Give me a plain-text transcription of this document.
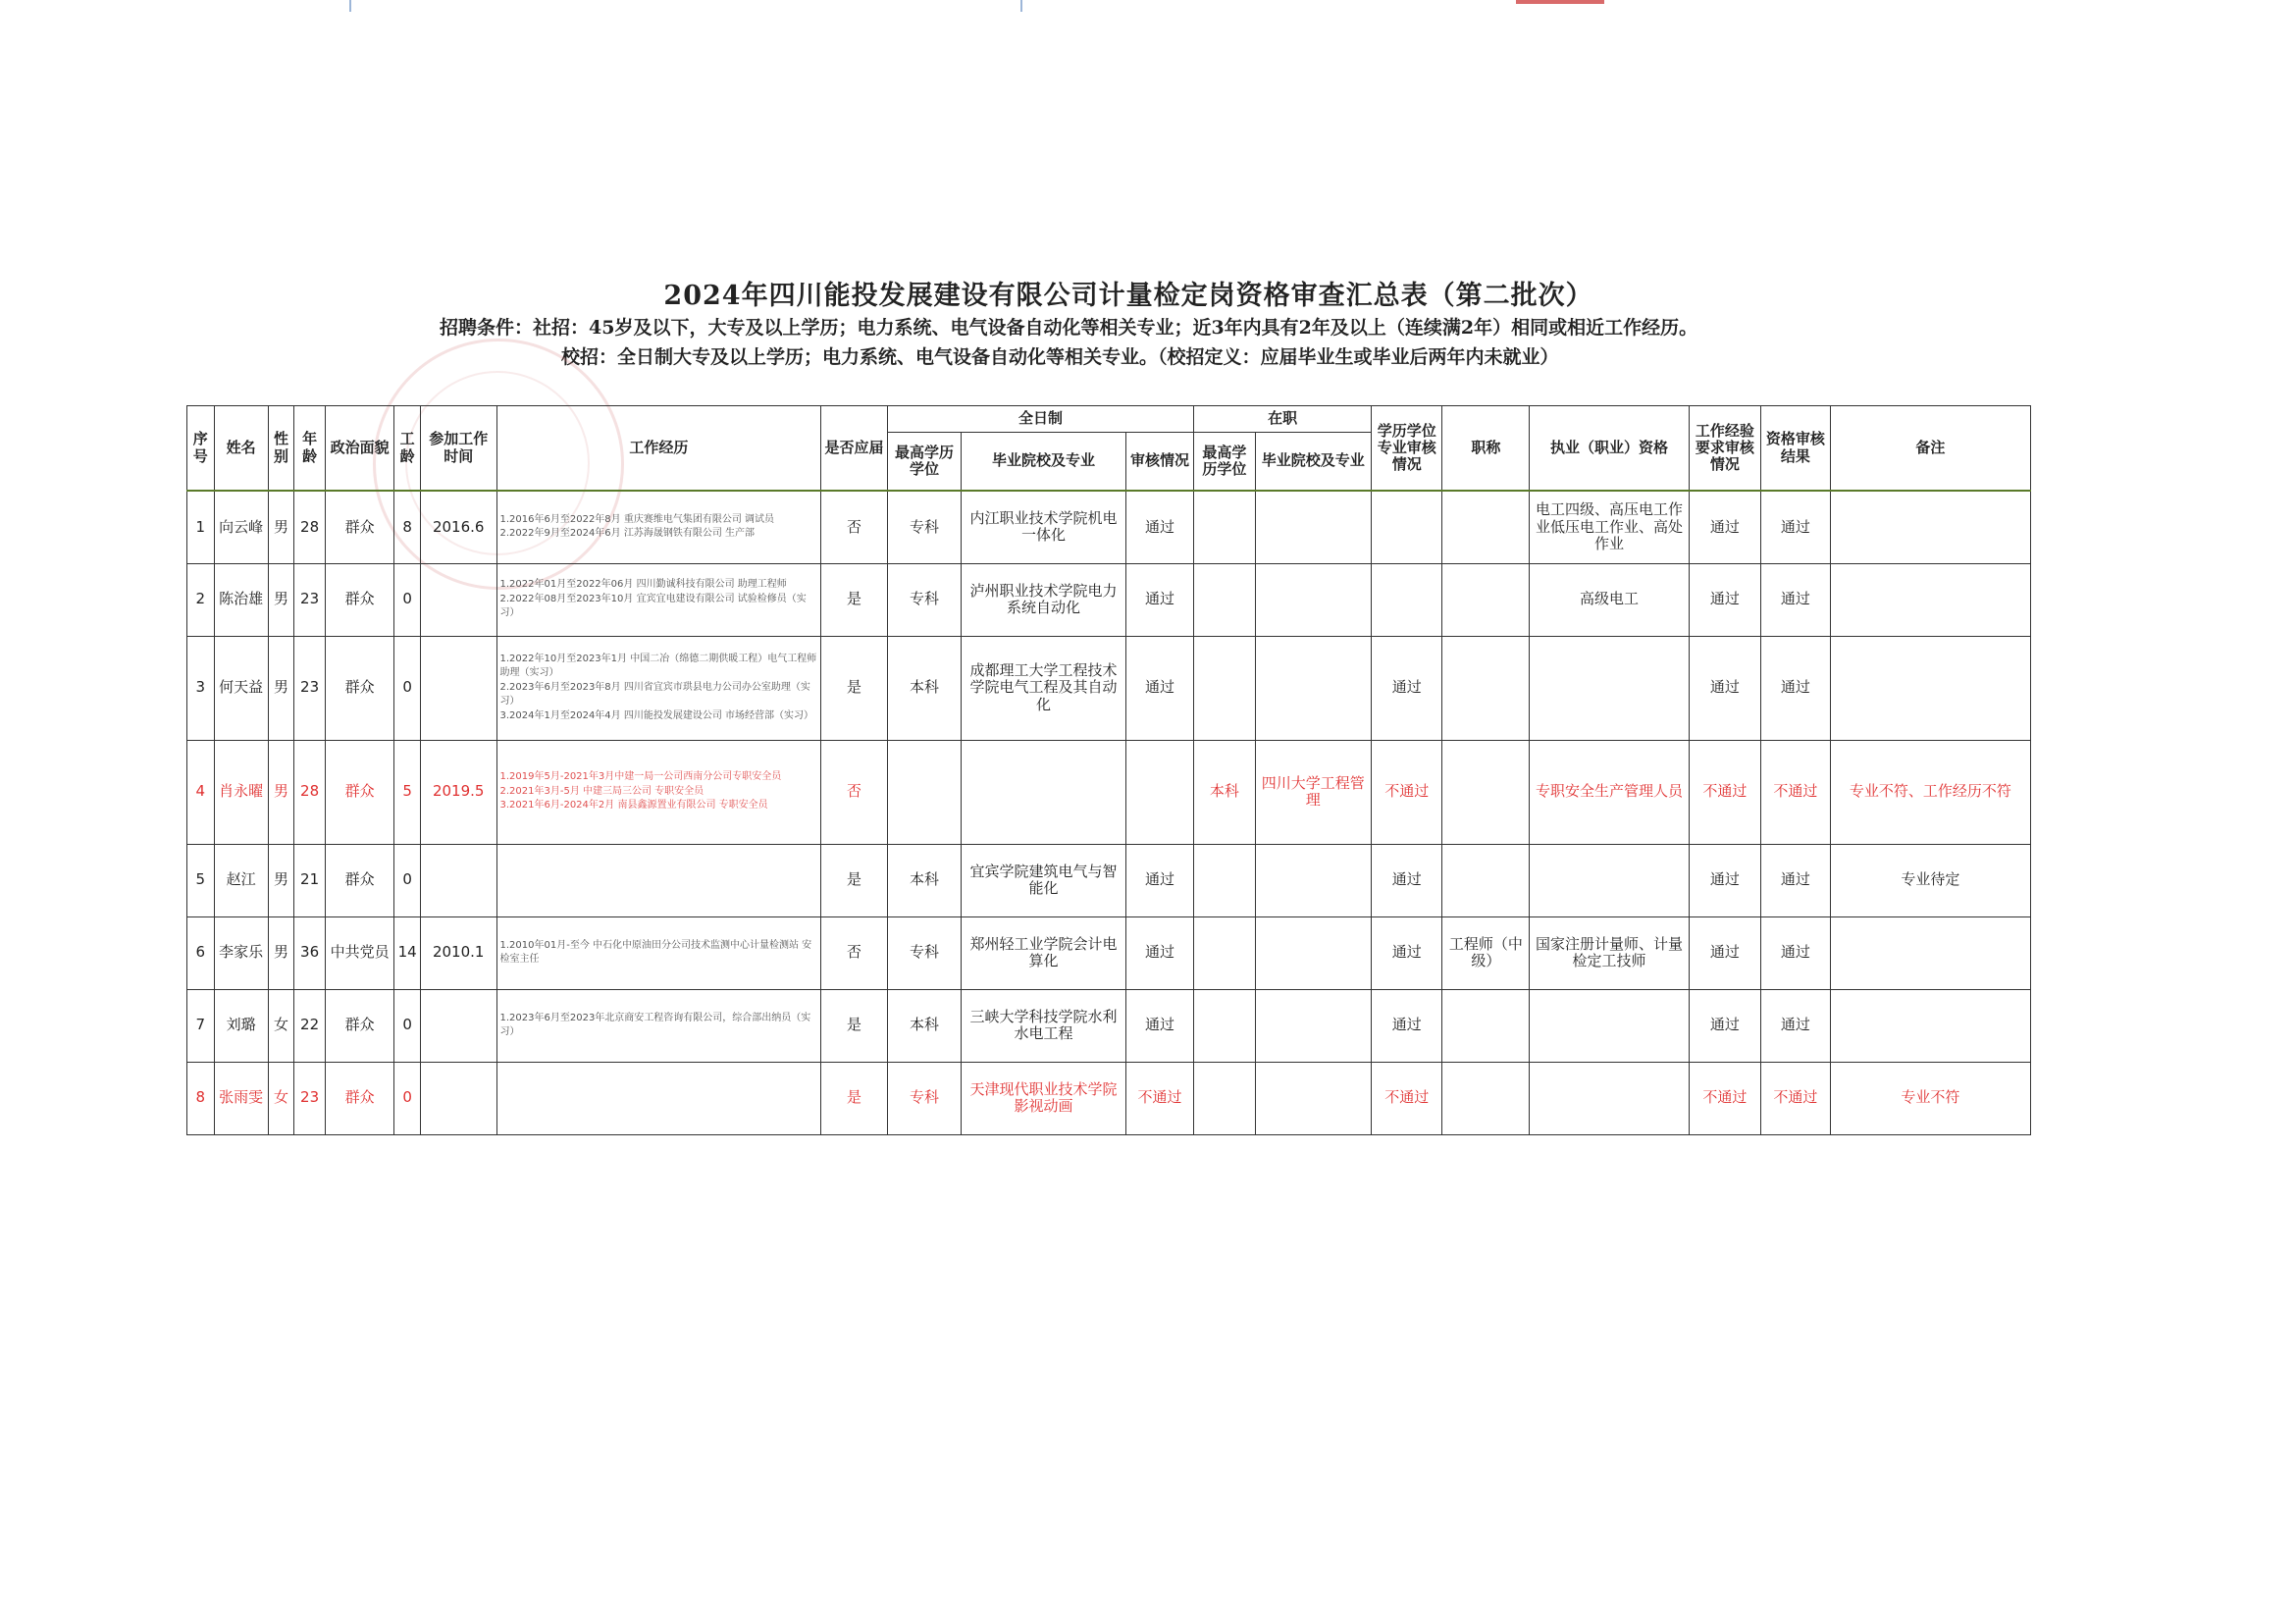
2024年四川能投发展建设有限公司计量检定岗资格审查汇总表（第二批次）
招聘条件：社招：45岁及以下，大专及以上学历；电力系统、电气设备自动化等相关专业；近3年内具有2年及以上（连续满2年）相同或相近工作经历。
校招：全日制大专及以上学历；电力系统、电气设备自动化等相关专业。（校招定义：应届毕业生或毕业后两年内未就业）
序号	姓名	性别	年龄	政治面貌	工龄	参加工作时间	工作经历	是否应届	全日制			在职		学历学位专业审核情况	职称	执业（职业）资格	工作经验要求审核情况	资格审核结果	备注
									最高学历学位	毕业院校及专业	审核情况	最高学历学位	毕业院校及专业						
1	向云峰	男	28	群众	8	2016.6	1.2016年6月至2022年8月 重庆赛维电气集团有限公司 调试员
2.2022年9月至2024年6月 江苏海晟钢铁有限公司 生产部	否	专科	内江职业技术学院机电一体化	通过					电工四级、高压电工作业低压电工作业、高处作业	通过	通过	
2	陈治雄	男	23	群众	0		1.2022年01月至2022年06月 四川勤诚科技有限公司 助理工程师
2.2022年08月至2023年10月 宜宾宜电建设有限公司 试验检修员（实习）	是	专科	泸州职业技术学院电力系统自动化	通过					高级电工	通过	通过	
3	何天益	男	23	群众	0		1.2022年10月至2023年1月 中国二冶（绵德二期供暖工程）电气工程师助理（实习）
2.2023年6月至2023年8月 四川省宜宾市珙县电力公司办公室助理（实习）
3.2024年1月至2024年4月 四川能投发展建设公司 市场经营部（实习）	是	本科	成都理工大学工程技术学院电气工程及其自动化	通过			通过			通过	通过	
4	肖永曜	男	28	群众	5	2019.5	1.2019年5月-2021年3月中建一局一公司西南分公司专职安全员
2.2021年3月-5月 中建三局三公司 专职安全员
3.2021年6月-2024年2月 南县鑫源置业有限公司 专职安全员	否				本科	四川大学工程管理	不通过		专职安全生产管理人员	不通过	不通过	专业不符、工作经历不符
5	赵江	男	21	群众	0			是	本科	宜宾学院建筑电气与智能化	通过			通过			通过	通过	专业待定
6	李家乐	男	36	中共党员	14	2010.1	1.2010年01月-至今 中石化中原油田分公司技术监测中心计量检测站 安检室主任	否	专科	郑州轻工业学院会计电算化	通过			通过	工程师（中级）	国家注册计量师、计量检定工技师	通过	通过	
7	刘璐	女	22	群众	0		1.2023年6月至2023年北京商安工程咨询有限公司，综合部出纳员（实习）	是	本科	三峡大学科技学院水利水电工程	通过			通过			通过	通过	
8	张雨雯	女	23	群众	0			是	专科	天津现代职业技术学院影视动画	不通过			不通过			不通过	不通过	专业不符
